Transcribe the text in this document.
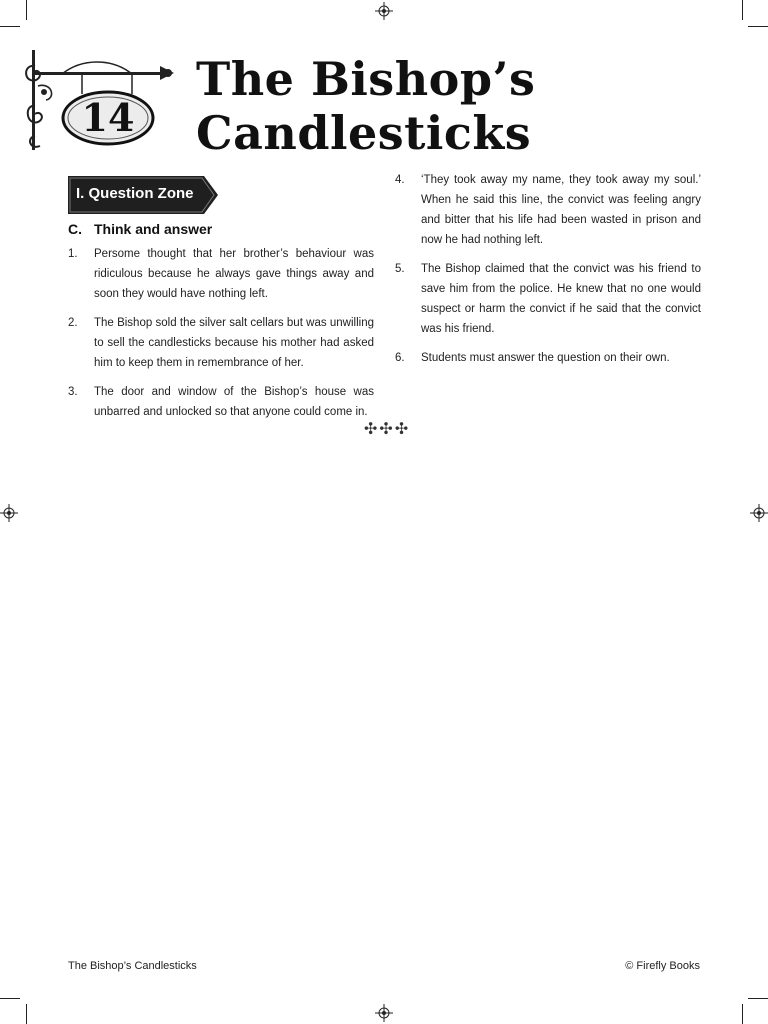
14
The Bishop’s
Candlesticks
I. Question Zone
C. Think and answer
1. Persome thought that her brother’s behaviour was ridiculous because he always gave things away and soon they would have nothing left.
2. The Bishop sold the silver salt cellars but was unwilling to sell the candlesticks because his mother had asked him to keep them in remembrance of her.
3. The door and window of the Bishop’s house was unbarred and unlocked so that anyone could come in.
4. ‘They took away my name, they took away my soul.’ When he said this line, the convict was feeling angry and bitter that his life had been wasted in prison and now he had nothing left.
5. The Bishop claimed that the convict was his friend to save him from the police. He knew that no one would suspect or harm the convict if he said that the convict was his friend.
6. Students must answer the question on their own.
✣✣✣
The Bishop’s Candlesticks	© Firefly Books
